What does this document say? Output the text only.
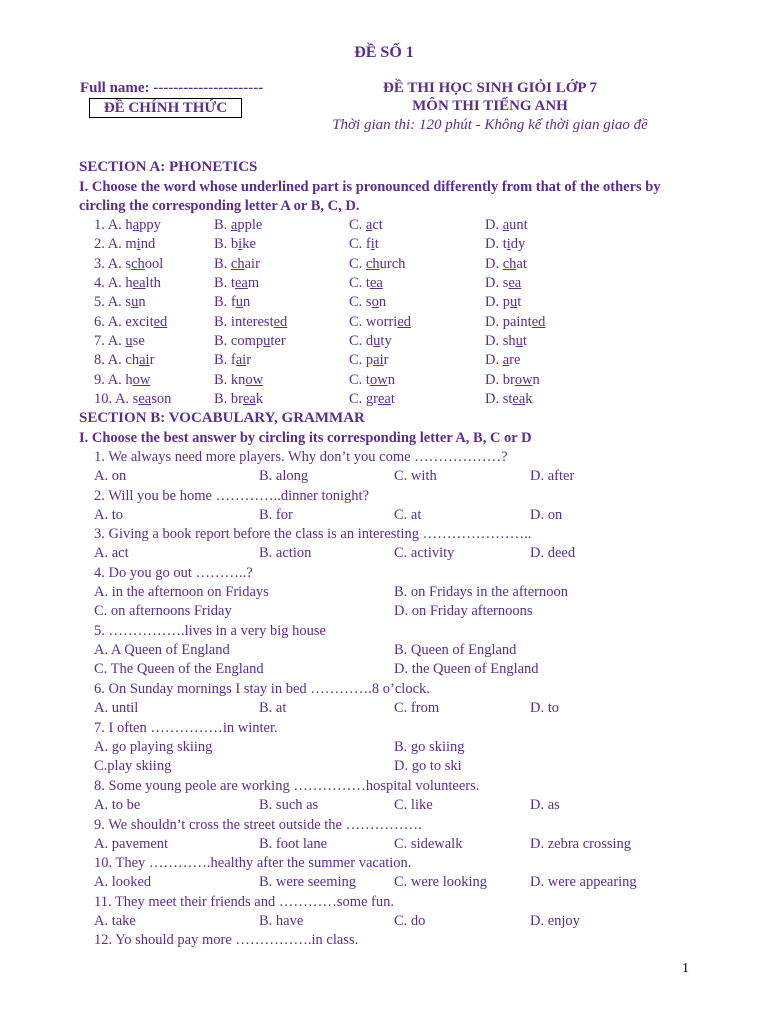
ĐỀ SỐ 1
Full name: ----------------------
ĐỀ CHÍNH THỨC
ĐỀ THI HỌC SINH GIỎI LỚP 7
MÔN THI TIẾNG ANH
Thời gian thi: 120 phút - Không kể thời gian giao đề
SECTION A: PHONETICS
I. Choose the word whose underlined part is pronounced differently from that of the others by circling the corresponding letter A or B, C, D.
1. A. happy	B. apple	C. act	D. aunt
2. A. mind	B. bike	C. fit	D. tidy
3. A. school	B. chair	C. church	D. chat
4. A. health	B. team	C. tea	D. sea
5. A. sun	B. fun	C. son	D. put
6. A. excited	B. interested	C. worried	D. painted
7. A. use	B. computer	C. duty	D. shut
8. A. chair	B. fair	C. pair	D. are
9. A. how	B. know	C. town	D. brown
10. A. season	B. break	C. great	D. steak
SECTION B: VOCABULARY, GRAMMAR
I. Choose the best answer by circling its corresponding letter A, B, C or D
1. We always need more players. Why don’t you come ………………?
A. on	B. along	C. with	D. after
2. Will you be home …………..dinner tonight?
A. to	B. for	C. at	D. on
3. Giving a book report before the class is an interesting …………………..
A. act	B. action	C. activity	D. deed
4. Do you go out ………..?
A. in the afternoon on Fridays	B. on Fridays in the afternoon
C. on afternoons Friday	D. on Friday afternoons
5. …………….lives in a very big house
A. A Queen of England	B. Queen of England
C. The Queen of the England	D. the Queen of England
6. On Sunday mornings I stay in bed ………….8 o’clock.
A. until	B. at	C. from	D. to
7. I often ……………in winter.
A. go playing skiing	B. go skiing
C.play skiing	D. go to ski
8. Some young peole are working ……………hospital volunteers.
A. to be	B. such as	C. like	D. as
9. We shouldn’t cross the street outside the …………….
A. pavement	B. foot lane	C. sidewalk	D. zebra crossing
10. They ………….healthy after the summer vacation.
A. looked	B. were seeming	C. were looking	D. were appearing
11. They meet their friends and …………some fun.
A. take	B. have	C. do	D. enjoy
12. Yo should pay more …………….in class.
1
